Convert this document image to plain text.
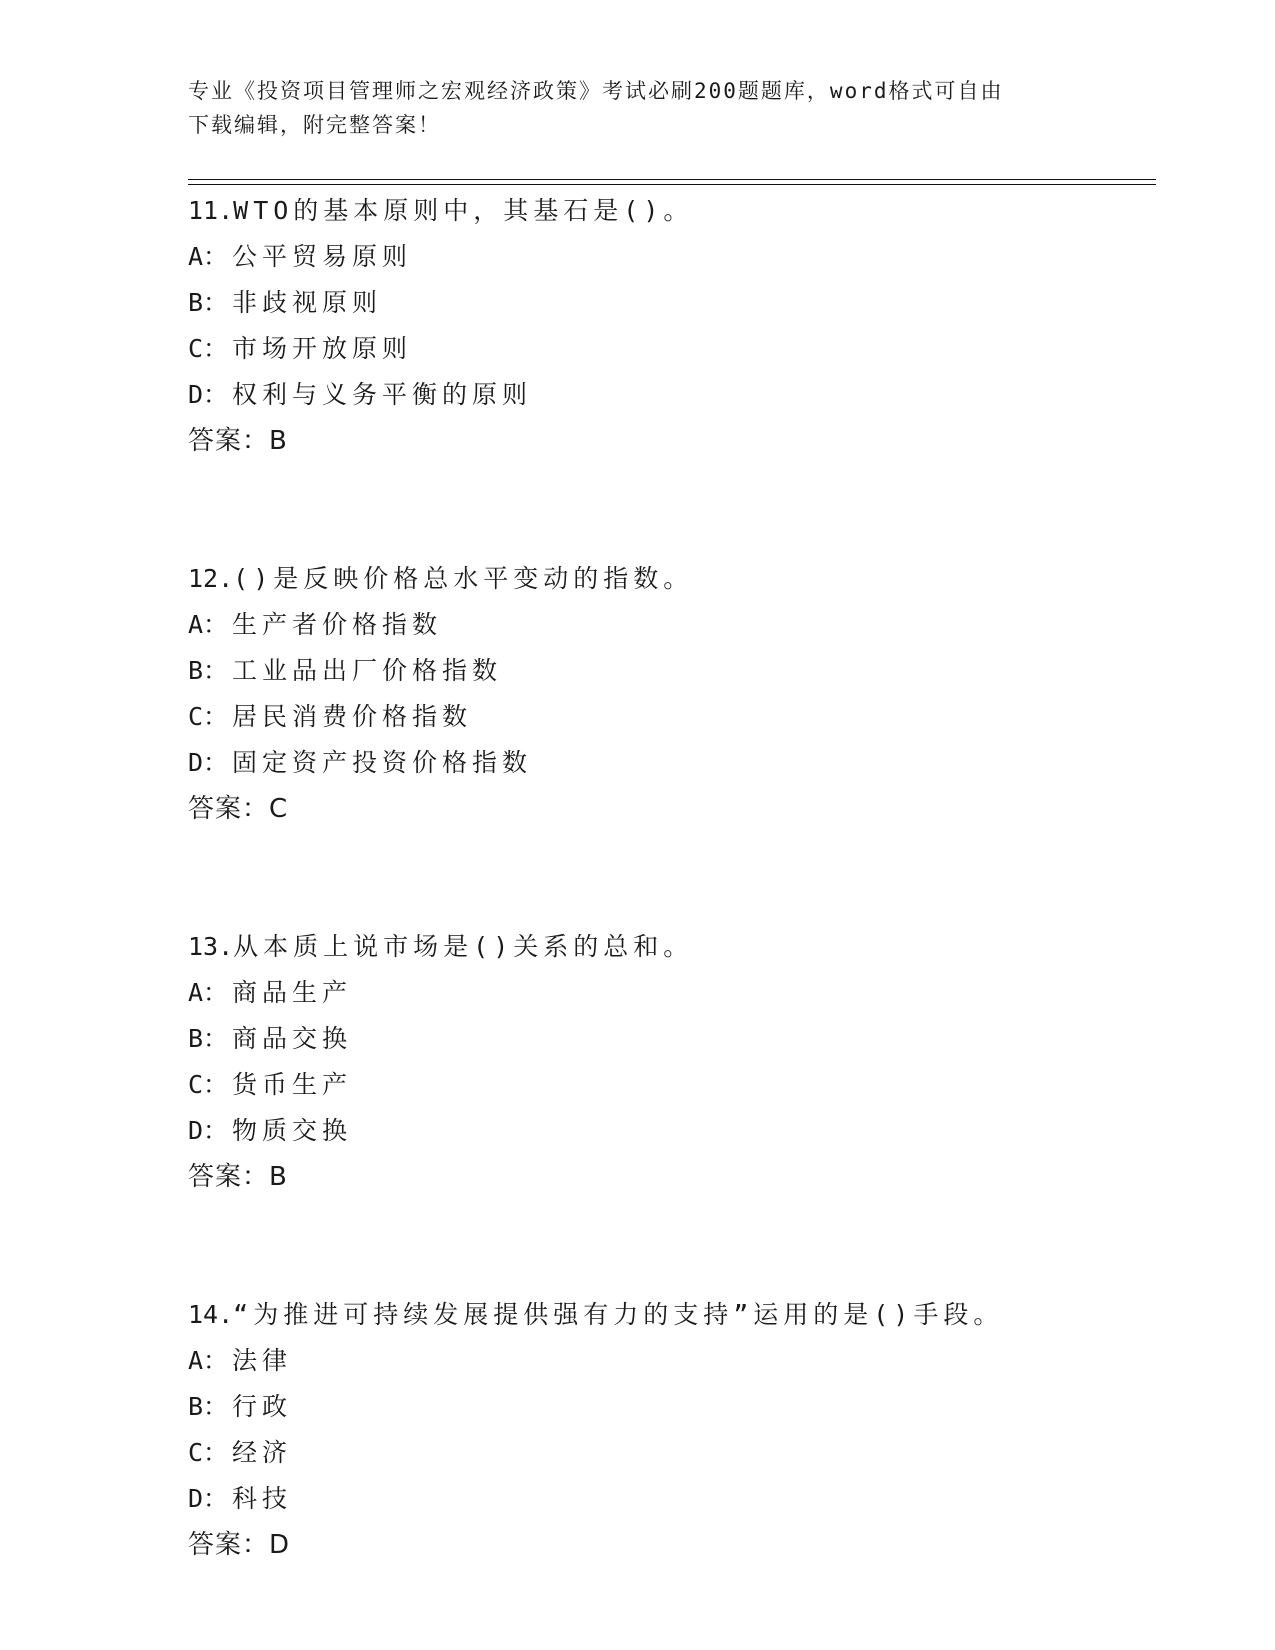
专业《投资项目管理师之宏观经济政策》考试必刷200题题库，word格式可自由
下载编辑，附完整答案！
11.WTO的基本原则中，其基石是()。
A： 公平贸易原则
B： 非歧视原则
C： 市场开放原则
D： 权利与义务平衡的原则
答案：B
12.()是反映价格总水平变动的指数。
A： 生产者价格指数
B： 工业品出厂价格指数
C： 居民消费价格指数
D： 固定资产投资价格指数
答案：C
13.从本质上说市场是()关系的总和。
A： 商品生产
B： 商品交换
C： 货币生产
D： 物质交换
答案：B
14.“为推进可持续发展提供强有力的支持”运用的是()手段。
A： 法律
B： 行政
C： 经济
D： 科技
答案：D
